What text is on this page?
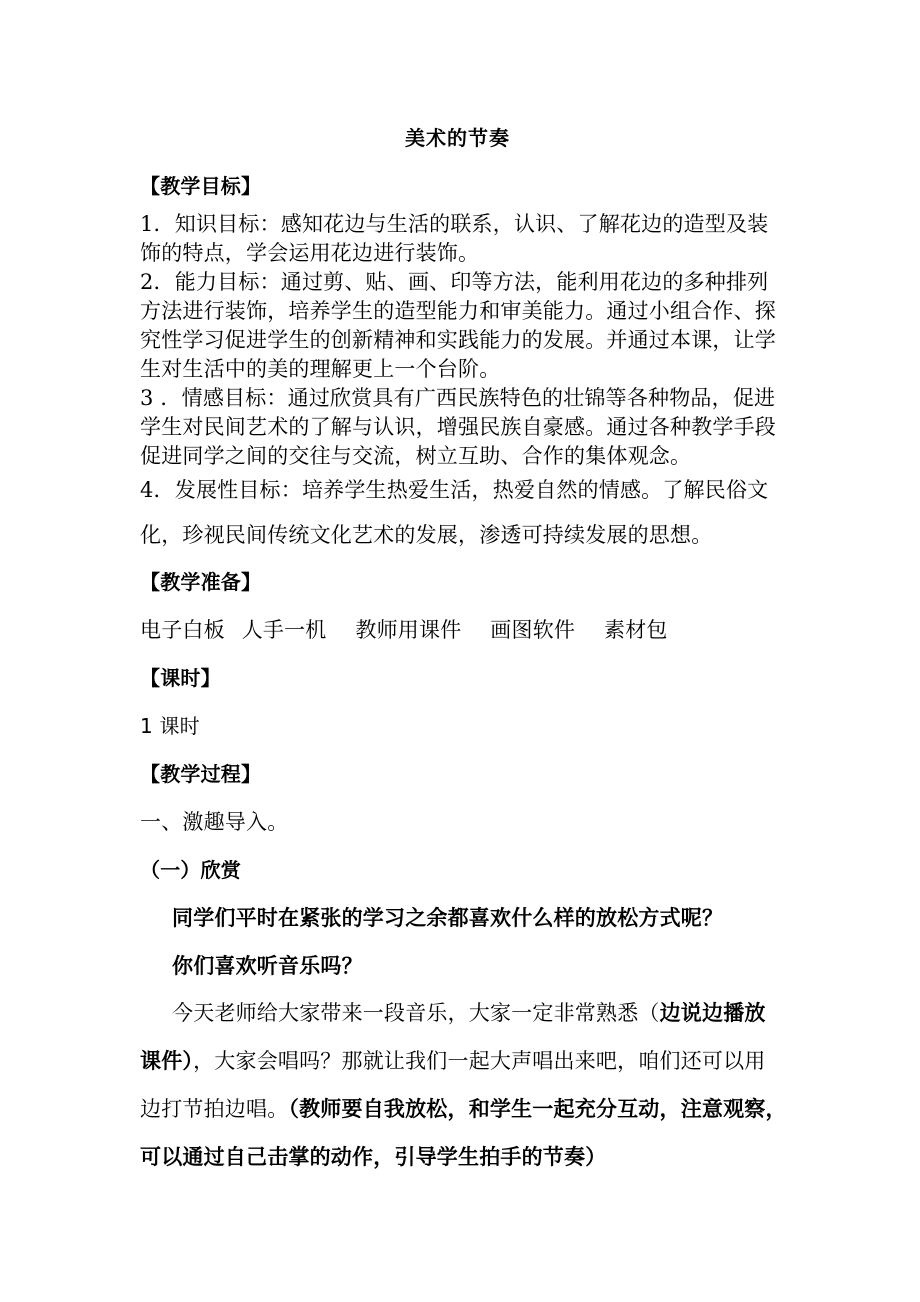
美术的节奏
【教学目标】
1．知识目标：感知花边与生活的联系，认识、了解花边的造型及装
饰的特点，学会运用花边进行装饰。
2．能力目标：通过剪、贴、画、印等方法，能利用花边的多种排列
方法进行装饰，培养学生的造型能力和审美能力。通过小组合作、探
究性学习促进学生的创新精神和实践能力的发展。并通过本课，让学
生对生活中的美的理解更上一个台阶。
3 ．情感目标：通过欣赏具有广西民族特色的壮锦等各种物品，促进
学生对民间艺术的了解与认识，增强民族自豪感。通过各种教学手段
促进同学之间的交往与交流，树立互助、合作的集体观念。
4．发展性目标：培养学生热爱生活，热爱自然的情感。了解民俗文
化，珍视民间传统文化艺术的发展，渗透可持续发展的思想。
【教学准备】
电子白板 人手一机 教师用课件 画图软件 素材包
【课时】
1 课时
【教学过程】
一、激趣导入。
（一）欣赏
同学们平时在紧张的学习之余都喜欢什么样的放松方式呢？
你们喜欢听音乐吗？
今天老师给大家带来一段音乐，大家一定非常熟悉（边说边播放
课件），大家会唱吗？那就让我们一起大声唱出来吧，咱们还可以用
边打节拍边唱。（教师要自我放松，和学生一起充分互动，注意观察，
可以通过自己击掌的动作，引导学生拍手的节奏）
